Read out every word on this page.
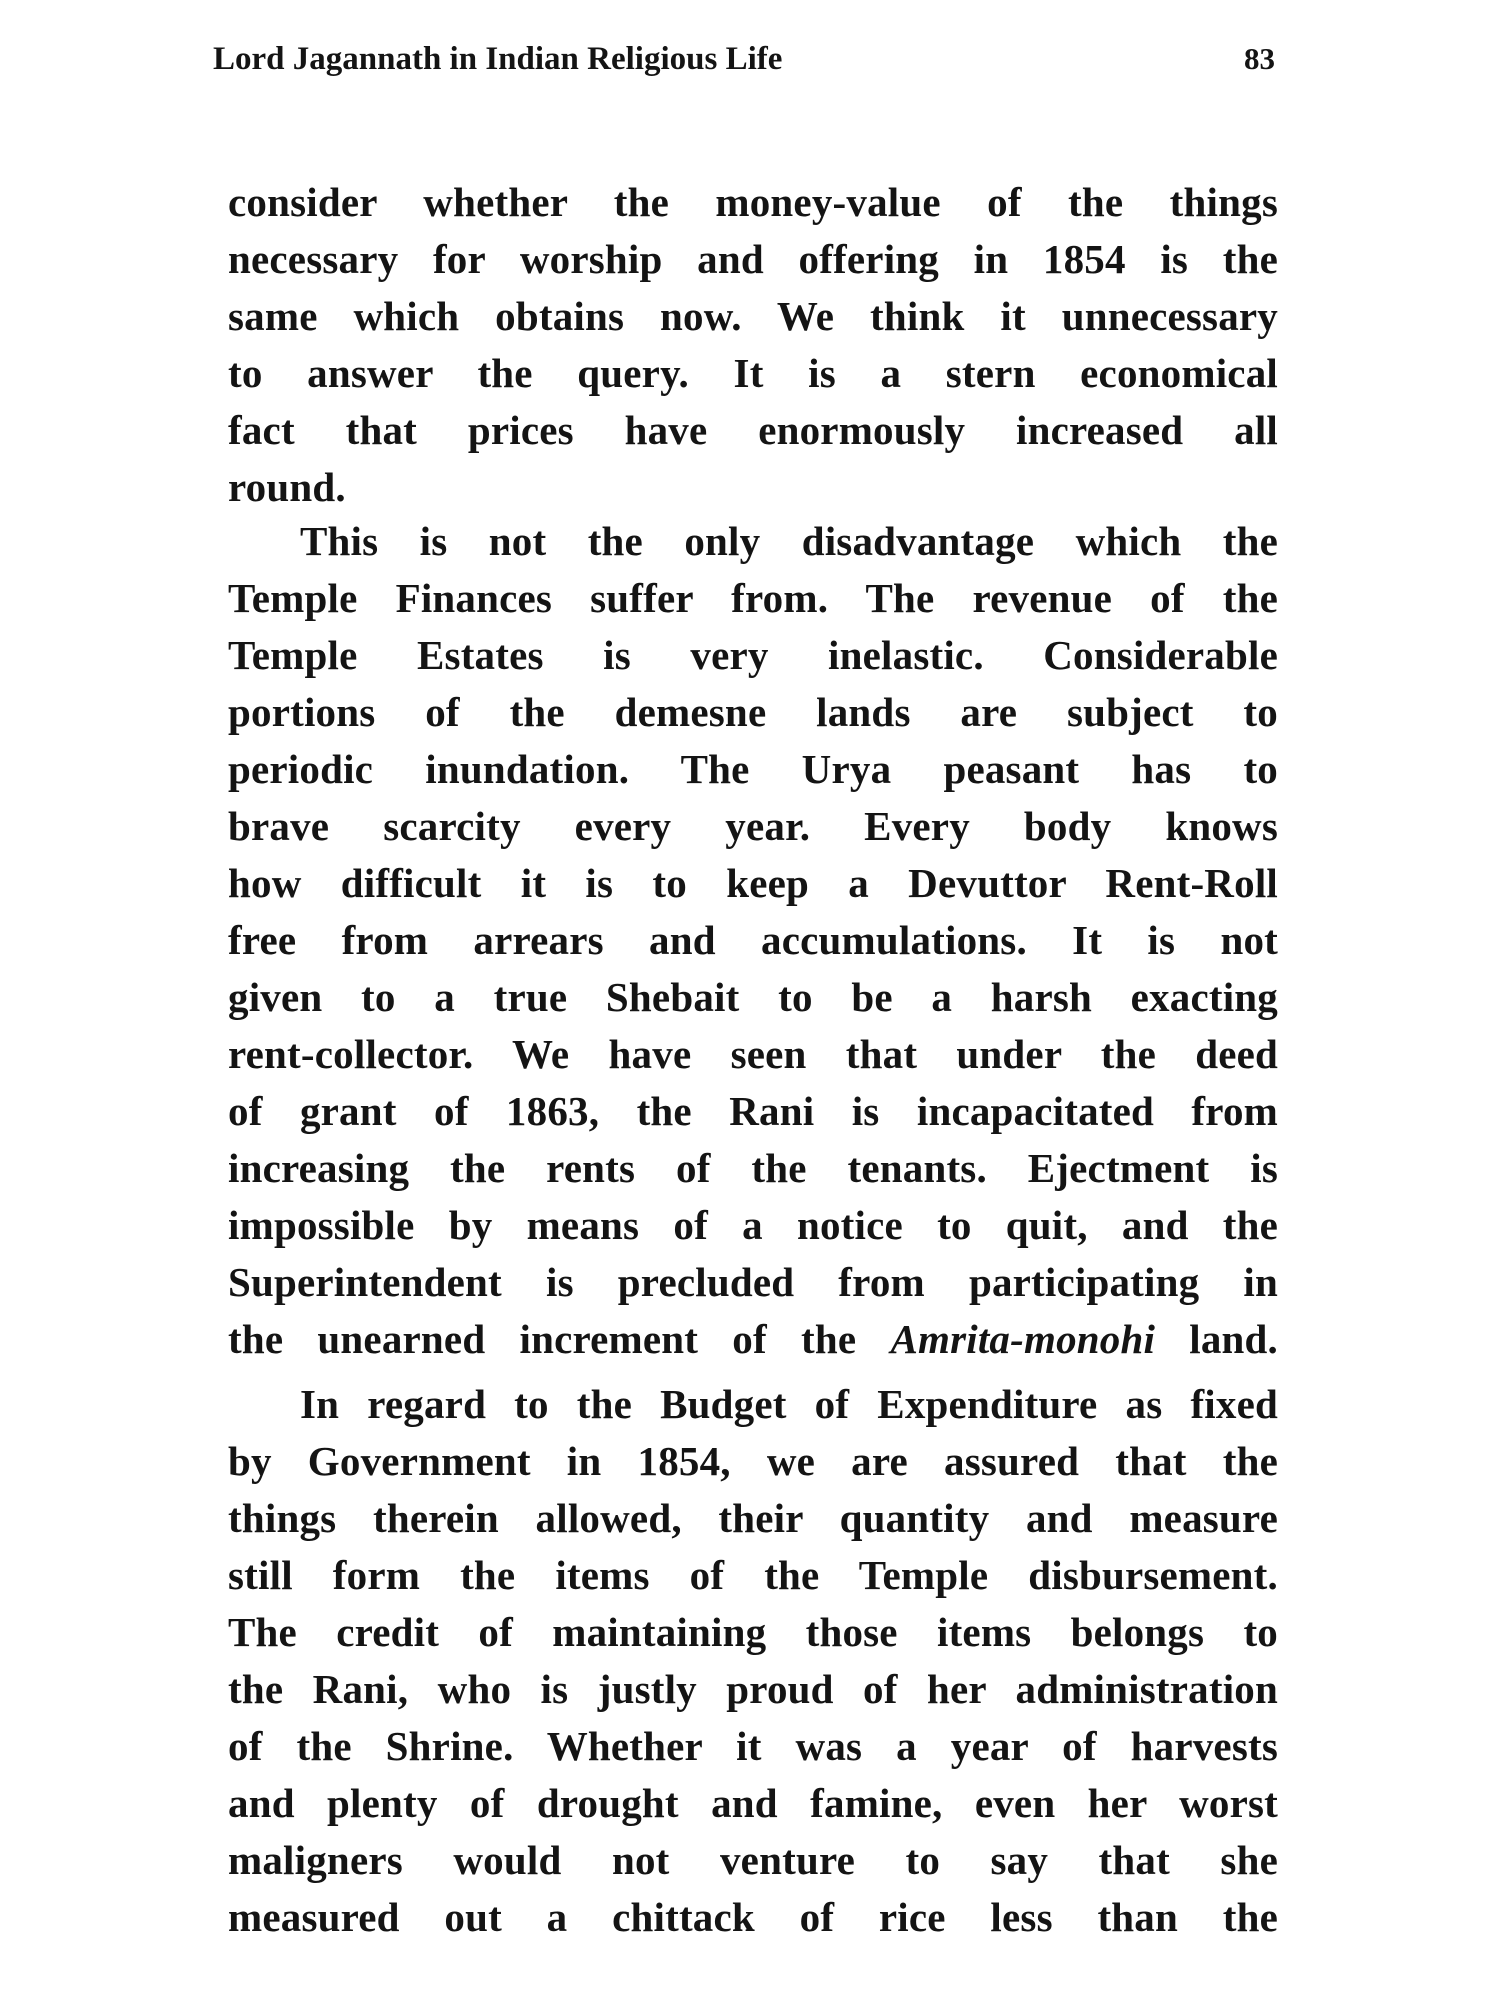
Lord Jagannath in Indian Religious Life	83
consider whether the money-value of the things
necessary for worship and offering in 1854 is the
same which obtains now. We think it unnecessary
to answer the query. It is a stern economical
fact that prices have enormously increased all
round.
This is not the only disadvantage which the
Temple Finances suffer from. The revenue of the
Temple Estates is very inelastic. Considerable
portions of the demesne lands are subject to
periodic inundation. The Urya peasant has to
brave scarcity every year. Every body knows
how difficult it is to keep a Devuttor Rent-Roll
free from arrears and accumulations. It is not
given to a true Shebait to be a harsh exacting
rent-collector. We have seen that under the deed
of grant of 1863, the Rani is incapacitated from
increasing the rents of the tenants. Ejectment is
impossible by means of a notice to quit, and the
Superintendent is precluded from participating in
the unearned increment of the Amrita-monohi land.
In regard to the Budget of Expenditure as fixed
by Government in 1854, we are assured that the
things therein allowed, their quantity and measure
still form the items of the Temple disbursement.
The credit of maintaining those items belongs to
the Rani, who is justly proud of her administration
of the Shrine. Whether it was a year of harvests
and plenty of drought and famine, even her worst
maligners would not venture to say that she
measured out a chittack of rice less than the
